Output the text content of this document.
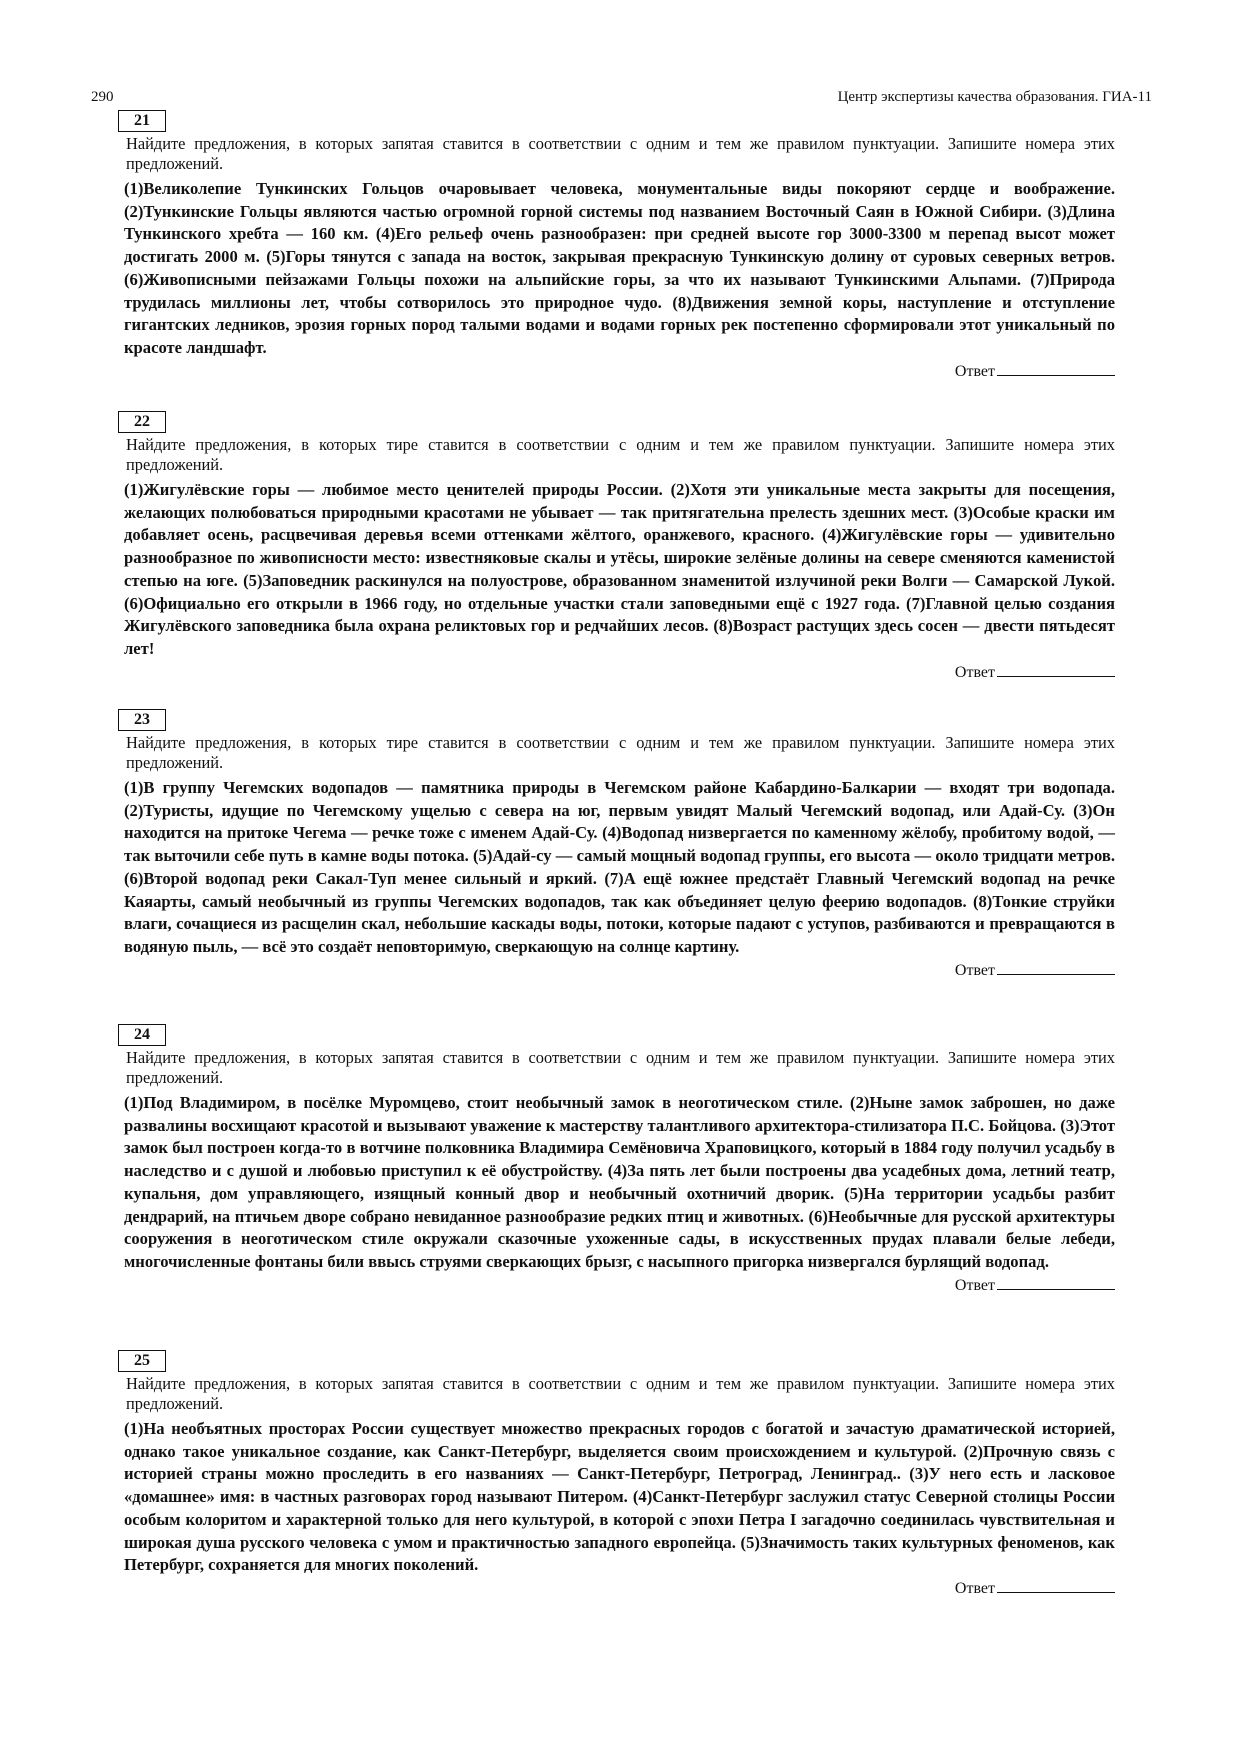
290	Центр экспертизы качества образования. ГИА-11
21

Найдите предложения, в которых запятая ставится в соответствии с одним и тем же правилом пунктуации. Запишите номера этих предложений.

(1)Великолепие Тункинских Гольцов очаровывает человека, монументальные виды покоряют сердце и воображение. (2)Тункинские Гольцы являются частью огромной горной системы под названием Восточный Саян в Южной Сибири. (3)Длина Тункинского хребта — 160 км. (4)Его рельеф очень разнообразен: при средней высоте гор 3000-3300 м перепад высот может достигать 2000 м. (5)Горы тянутся с запада на восток, закрывая прекрасную Тункинскую долину от суровых северных ветров. (6)Живописными пейзажами Гольцы похожи на альпийские горы, за что их называют Тункинскими Альпами. (7)Природа трудилась миллионы лет, чтобы сотворилось это природное чудо. (8)Движения земной коры, наступление и отступление гигантских ледников, эрозия горных пород талыми водами и водами горных рек постепенно сформировали этот уникальный по красоте ландшафт.

Ответ
22

Найдите предложения, в которых тире ставится в соответствии с одним и тем же правилом пунктуации. Запишите номера этих предложений.

(1)Жигулёвские горы — любимое место ценителей природы России. (2)Хотя эти уникальные места закрыты для посещения, желающих полюбоваться природными красотами не убывает — так притягательна прелесть здешних мест. (3)Особые краски им добавляет осень, расцвечивая деревья всеми оттенками жёлтого, оранжевого, красного. (4)Жигулёвские горы — удивительно разнообразное по живописности место: известняковые скалы и утёсы, широкие зелёные долины на севере сменяются каменистой степью на юге. (5)Заповедник раскинулся на полуострове, образованном знаменитой излучиной реки Волги — Самарской Лукой. (6)Официально его открыли в 1966 году, но отдельные участки стали заповедными ещё с 1927 года. (7)Главной целью создания Жигулёвского заповедника была охрана реликтовых гор и редчайших лесов. (8)Возраст растущих здесь сосен — двести пятьдесят лет!

Ответ
23

Найдите предложения, в которых тире ставится в соответствии с одним и тем же правилом пунктуации. Запишите номера этих предложений.

(1)В группу Чегемских водопадов — памятника природы в Чегемском районе Кабардино-Балкарии — входят три водопада. (2)Туристы, идущие по Чегемскому ущелью с севера на юг, первым увидят Малый Чегемский водопад, или Адай-Су. (3)Он находится на притоке Чегема — речке тоже с именем Адай-Су. (4)Водопад низвергается по каменному жёлобу, пробитому водой, — так выточили себе путь в камне воды потока. (5)Адай-су — самый мощный водопад группы, его высота — около тридцати метров. (6)Второй водопад реки Сакал-Туп менее сильный и яркий. (7)А ещё южнее предстаёт Главный Чегемский водопад на речке Каяарты, самый необычный из группы Чегемских водопадов, так как объединяет целую феерию водопадов. (8)Тонкие струйки влаги, сочащиеся из расщелин скал, небольшие каскады воды, потоки, которые падают с уступов, разбиваются и превращаются в водяную пыль, — всё это создаёт неповторимую, сверкающую на солнце картину.

Ответ
24

Найдите предложения, в которых запятая ставится в соответствии с одним и тем же правилом пунктуации. Запишите номера этих предложений.

(1)Под Владимиром, в посёлке Муромцево, стоит необычный замок в неоготическом стиле. (2)Ныне замок заброшен, но даже развалины восхищают красотой и вызывают уважение к мастерству талантливого архитектора-стилизатора П.С. Бойцова. (3)Этот замок был построен когда-то в вотчине полковника Владимира Семёновича Храповицкого, который в 1884 году получил усадьбу в наследство и с душой и любовью приступил к её обустройству. (4)За пять лет были построены два усадебных дома, летний театр, купальня, дом управляющего, изящный конный двор и необычный охотничий дворик. (5)На территории усадьбы разбит дендрарий, на птичьем дворе собрано невиданное разнообразие редких птиц и животных. (6)Необычные для русской архитектуры сооружения в неоготическом стиле окружали сказочные ухоженные сады, в искусственных прудах плавали белые лебеди, многочисленные фонтаны били ввысь струями сверкающих брызг, с насыпного пригорка низвергался бурлящий водопад.

Ответ
25

Найдите предложения, в которых запятая ставится в соответствии с одним и тем же правилом пунктуации. Запишите номера этих предложений.

(1)На необъятных просторах России существует множество прекрасных городов с богатой и зачастую драматической историей, однако такое уникальное создание, как Санкт-Петербург, выделяется своим происхождением и культурой. (2)Прочную связь с историей страны можно проследить в его названиях — Санкт-Петербург, Петроград, Ленинград.. (3)У него есть и ласковое «домашнее» имя: в частных разговорах город называют Питером. (4)Санкт-Петербург заслужил статус Северной столицы России особым колоритом и характерной только для него культурой, в которой с эпохи Петра I загадочно соединилась чувствительная и широкая душа русского человека с умом и практичностью западного европейца. (5)Значимость таких культурных феноменов, как Петербург, сохраняется для многих поколений.

Ответ
